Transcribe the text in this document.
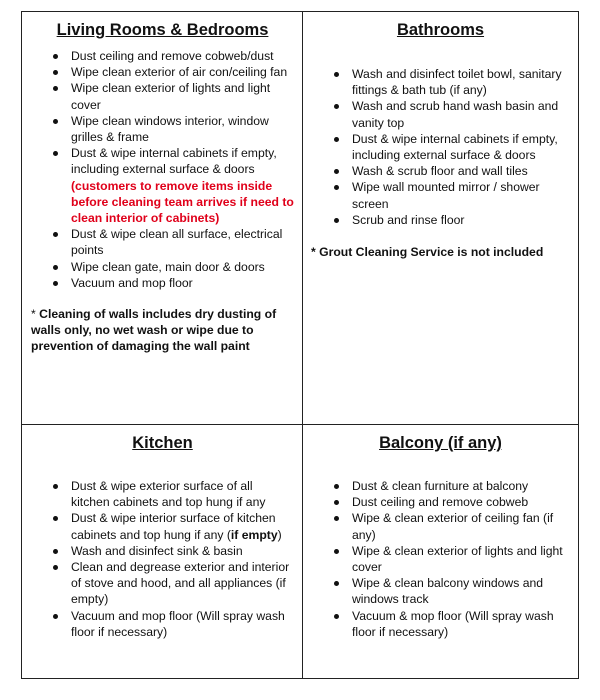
Living Rooms & Bedrooms
Dust ceiling and remove cobweb/dust
Wipe clean exterior of air con/ceiling fan
Wipe clean exterior of lights and light cover
Wipe clean windows interior, window grilles & frame
Dust & wipe internal cabinets if empty, including external surface & doors (customers to remove items inside before cleaning team arrives if need to clean interior of cabinets)
Dust & wipe clean all surface, electrical points
Wipe clean gate, main door & doors
Vacuum and mop floor
* Cleaning of walls includes dry dusting of walls only, no wet wash or wipe due to prevention of damaging the wall paint
Bathrooms
Wash and disinfect toilet bowl, sanitary fittings & bath tub (if any)
Wash and scrub hand wash basin and vanity top
Dust & wipe internal cabinets if empty, including external surface & doors
Wash & scrub floor and wall tiles
Wipe wall mounted mirror / shower screen
Scrub and rinse floor
* Grout Cleaning Service is not included
Kitchen
Dust & wipe exterior surface of all kitchen cabinets and top hung if any
Dust & wipe interior surface of kitchen cabinets and top hung if any (if empty)
Wash and disinfect sink & basin
Clean and degrease exterior and interior of stove and hood, and all appliances (if empty)
Vacuum and mop floor (Will spray wash floor if necessary)
Balcony (if any)
Dust & clean furniture at balcony
Dust ceiling and remove cobweb
Wipe & clean exterior of ceiling fan (if any)
Wipe & clean exterior of lights and light cover
Wipe & clean balcony windows and windows track
Vacuum & mop floor (Will spray wash floor if necessary)
